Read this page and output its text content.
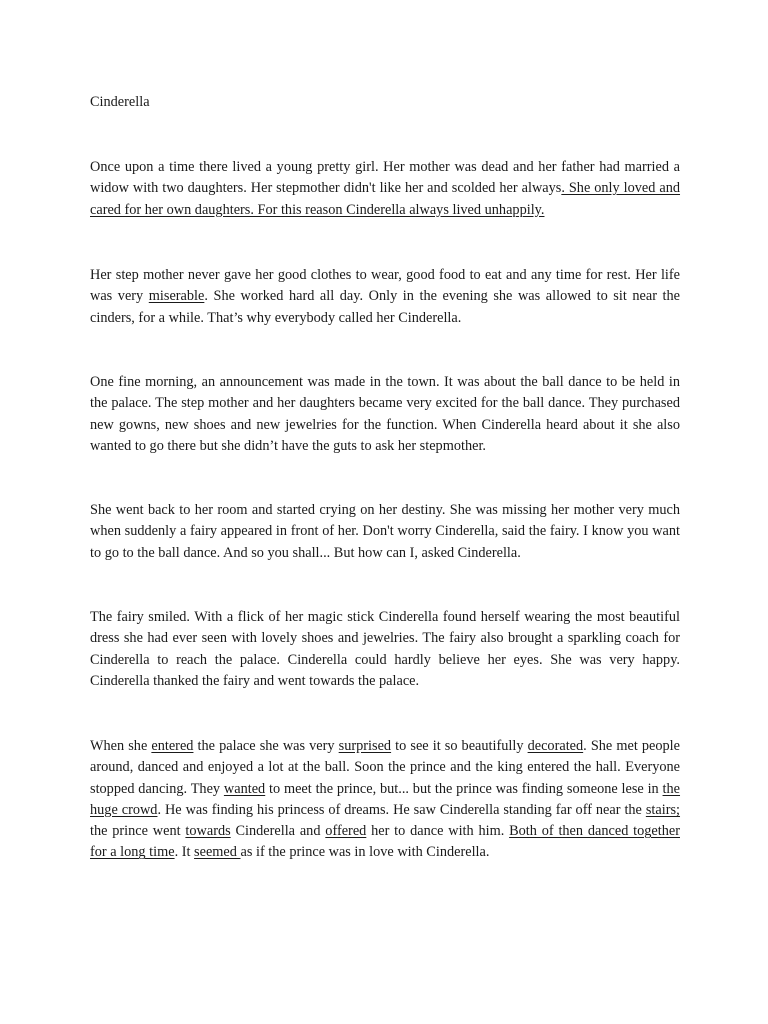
Cinderella

Once upon a time there lived a young pretty girl. Her mother was dead and her father had married a widow with two daughters. Her stepmother didn't like her and scolded her always. She only loved and cared for her own daughters. For this reason Cinderella always lived unhappily.

Her step mother never gave her good clothes to wear, good food to eat and any time for rest. Her life was very miserable. She worked hard all day. Only in the evening she was allowed to sit near the cinders, for a while. That’s why everybody called her Cinderella.

One fine morning, an announcement was made in the town. It was about the ball dance to be held in the palace. The step mother and her daughters became very excited for the ball dance. They purchased new gowns, new shoes and new jewelries for the function. When Cinderella heard about it she also wanted to go there but she didn’t have the guts to ask her stepmother.

She went back to her room and started crying on her destiny. She was missing her mother very much when suddenly a fairy appeared in front of her. Don't worry Cinderella, said the fairy. I know you want to go to the ball dance. And so you shall... But how can I, asked Cinderella.

The fairy smiled. With a flick of her magic stick Cinderella found herself wearing the most beautiful dress she had ever seen with lovely shoes and jewelries. The fairy also brought a sparkling coach for Cinderella to reach the palace. Cinderella could hardly believe her eyes. She was very happy. Cinderella thanked the fairy and went towards the palace.

When she entered the palace she was very surprised to see it so beautifully decorated. She met people around, danced and enjoyed a lot at the ball. Soon the prince and the king entered the hall. Everyone stopped dancing. They wanted to meet the prince, but... but the prince was finding someone lese in the huge crowd. He was finding his princess of dreams. He saw Cinderella standing far off near the stairs; the prince went towards Cinderella and offered her to dance with him. Both of then danced together for a long time. It seemed as if the prince was in love with Cinderella.
